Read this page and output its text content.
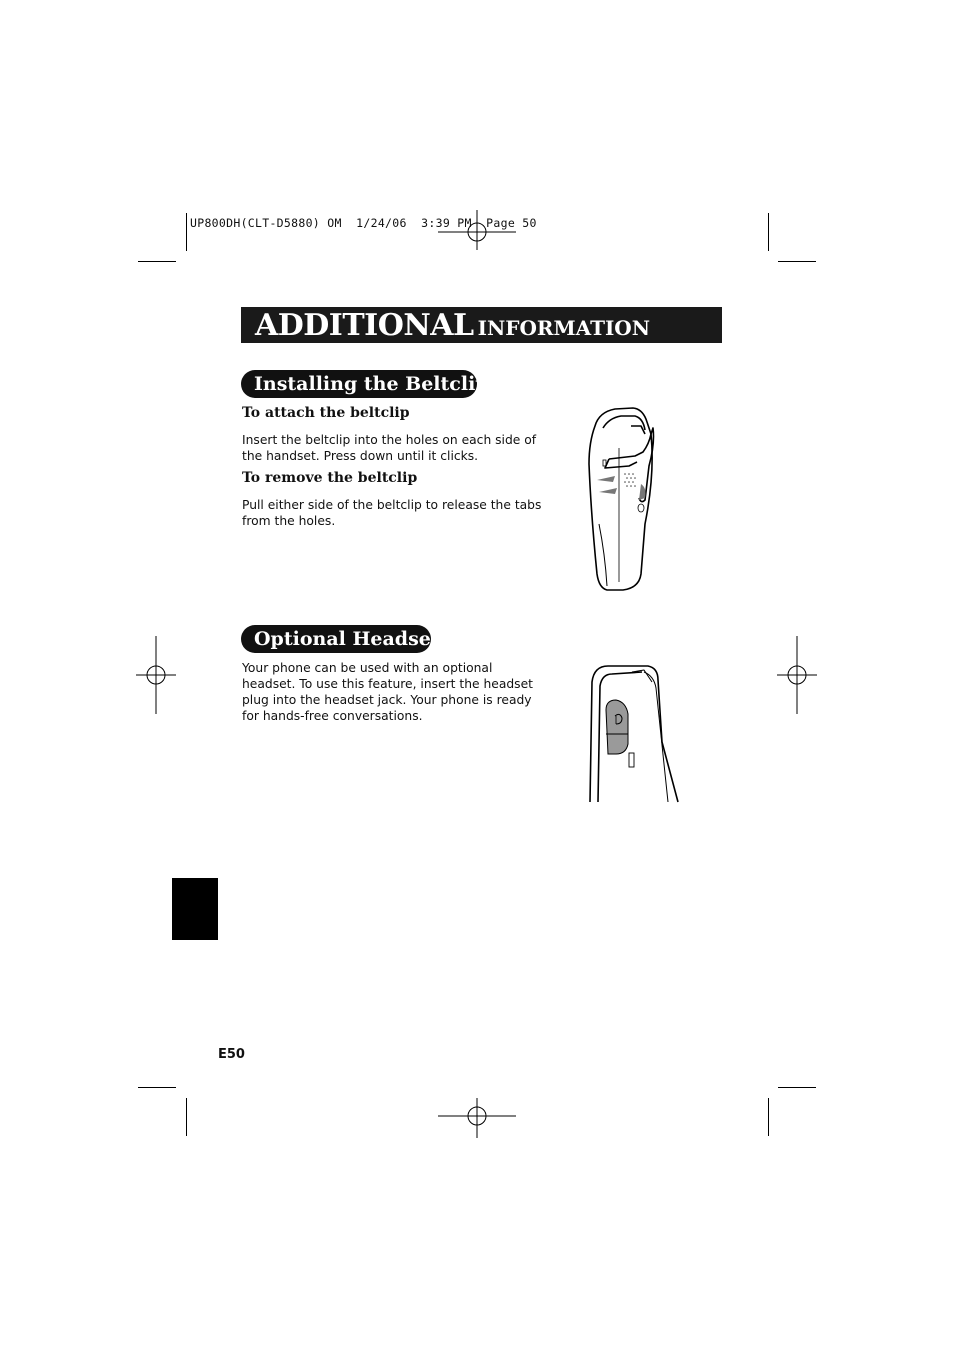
UP800DH(CLT-D5880) OM  1/24/06  3:39 PM  Page 50
ADDITIONAL INFORMATION
Installing the Beltclip
To attach the beltclip
Insert the beltclip into the holes on each side of the handset. Press down until it clicks.
To remove the beltclip
Pull either side of the beltclip to release the tabs from the holes.
Optional Headset
Your phone can be used with an optional headset. To use this feature, insert the headset plug into the headset jack. Your phone is ready for hands-free conversations.
E50
